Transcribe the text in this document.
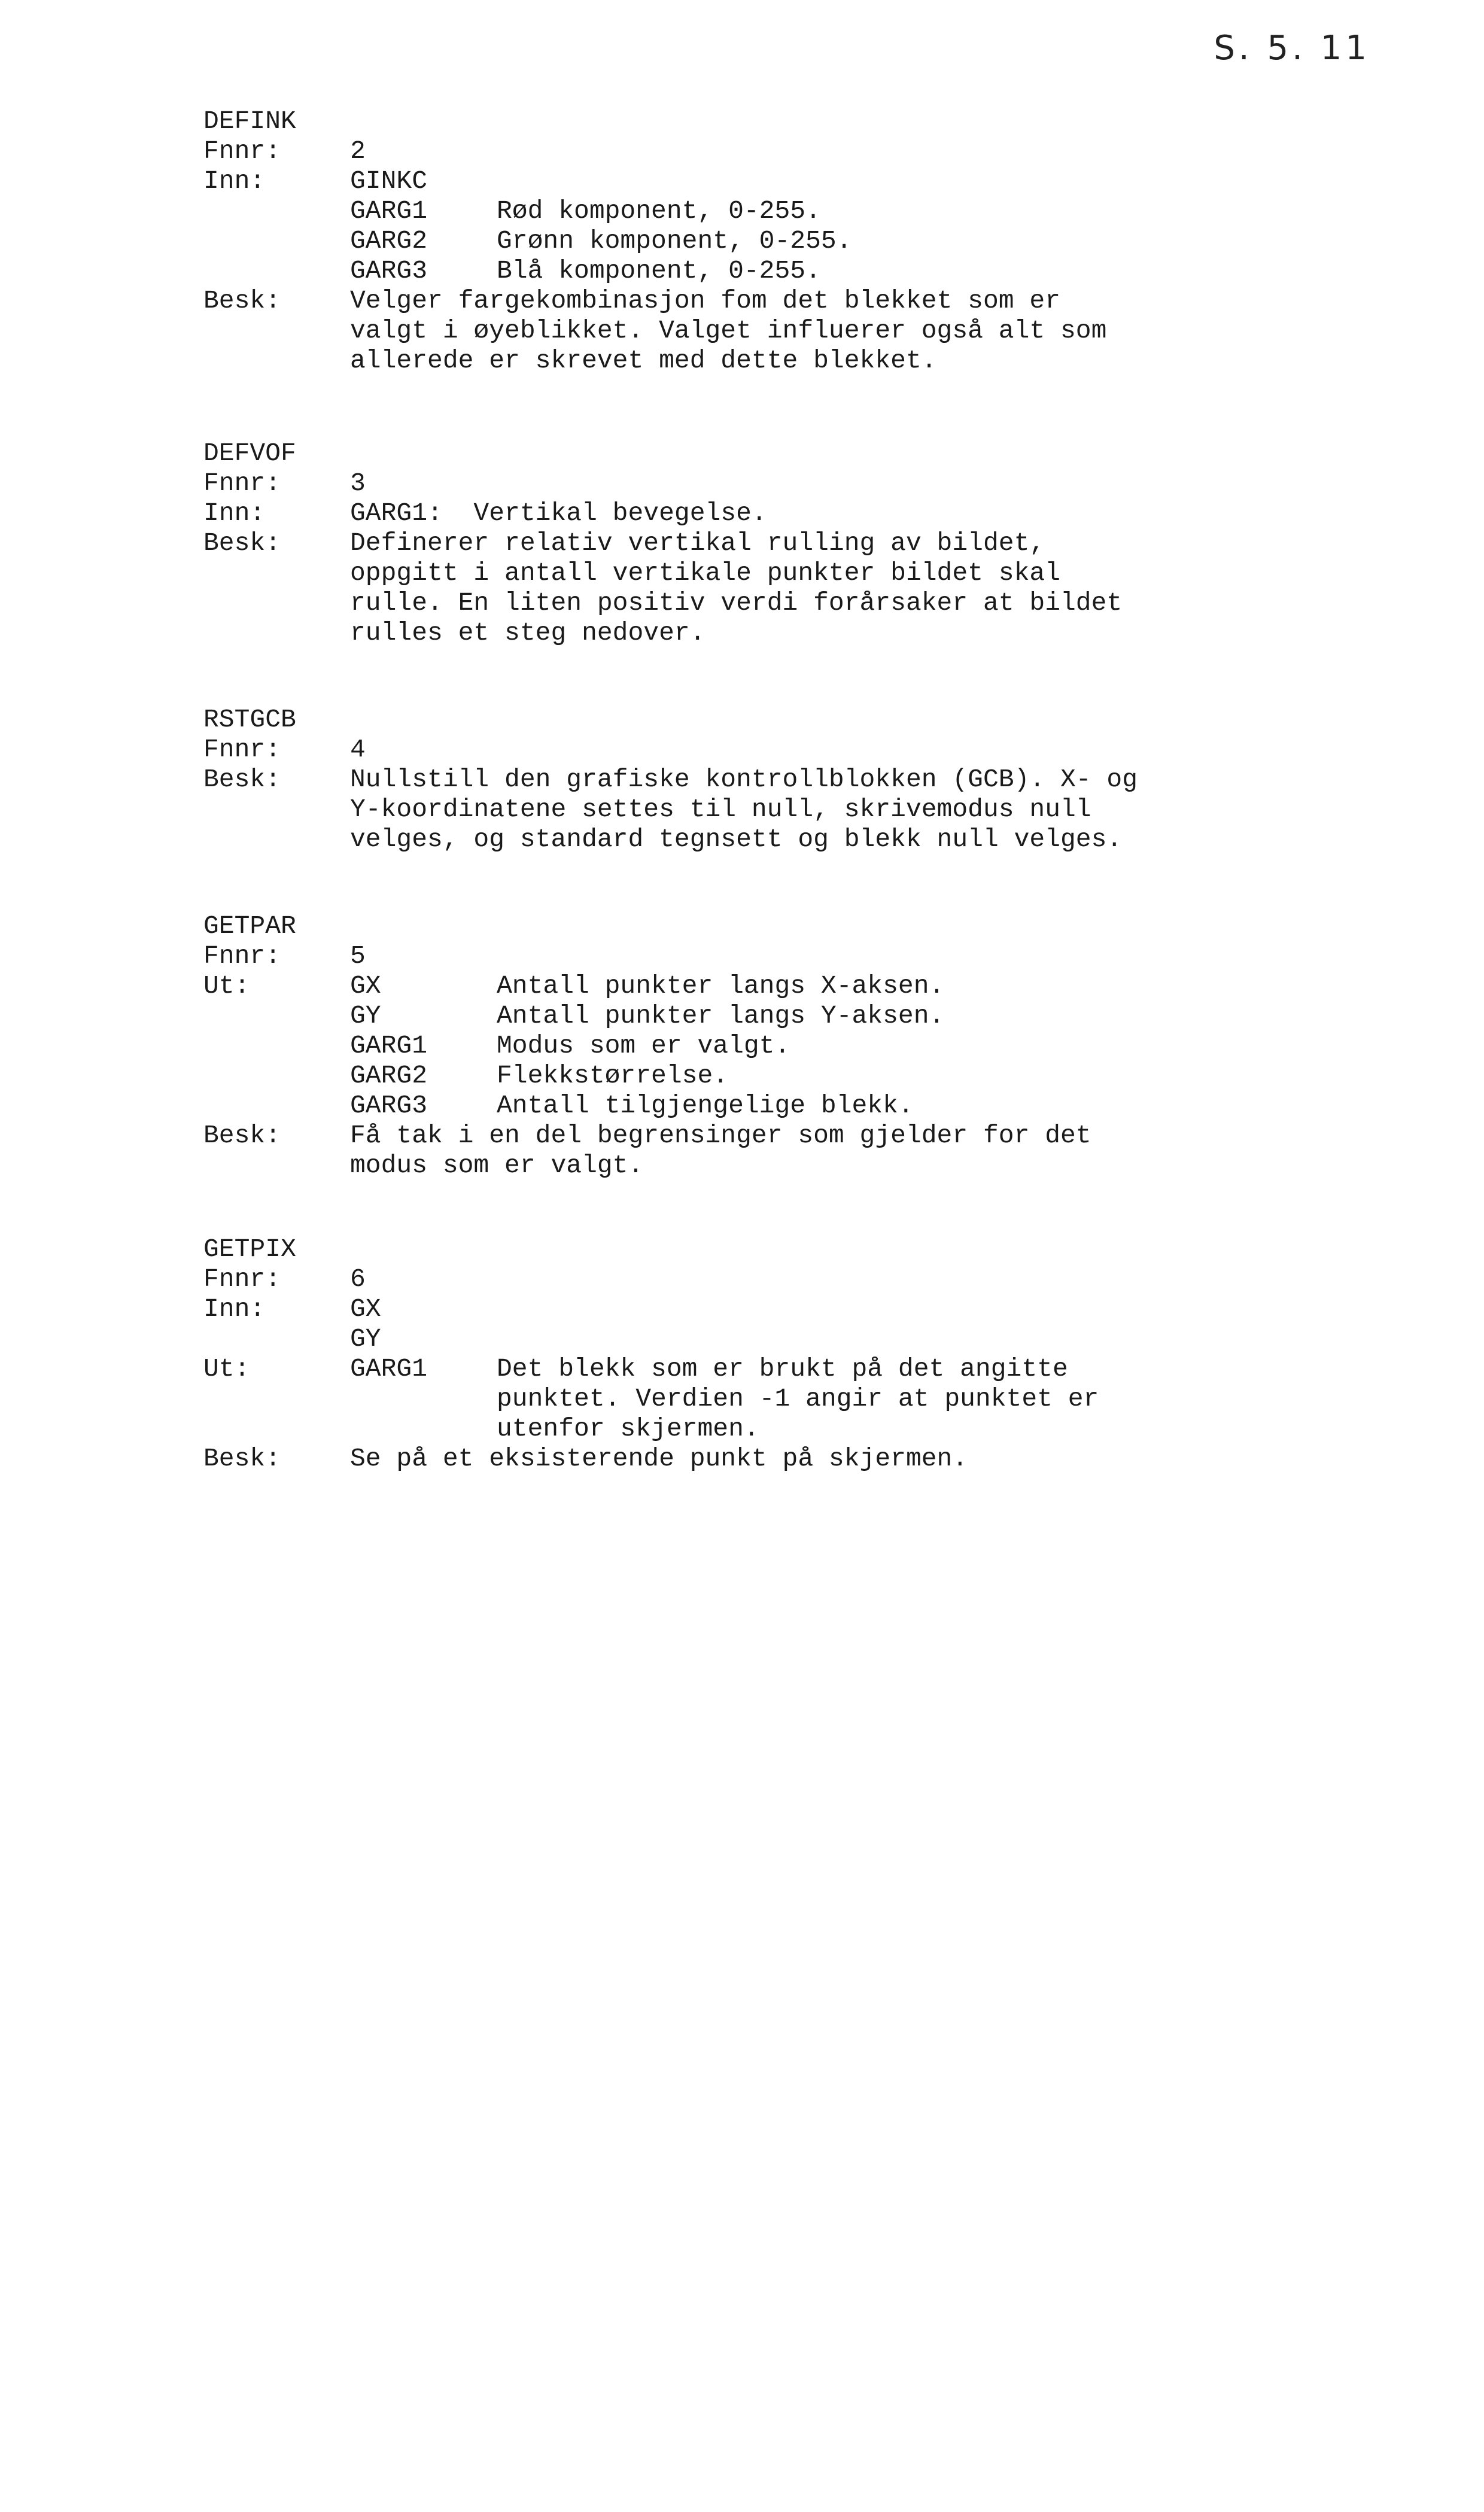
S. 5. 11
DEFINK
Fnnr:	2
Inn:	GINKC
GARG1	Rød komponent, 0-255.
GARG2	Grønn komponent, 0-255.
GARG3	Blå komponent, 0-255.
Besk:	Velger fargekombinasjon fom det blekket som er
valgt i øyeblikket. Valget influerer også alt som
allerede er skrevet med dette blekket.
DEFVOF
Fnnr:	3
Inn:	GARG1:  Vertikal bevegelse.
Besk:	Definerer relativ vertikal rulling av bildet,
oppgitt i antall vertikale punkter bildet skal
rulle. En liten positiv verdi forårsaker at bildet
rulles et steg nedover.
RSTGCB
Fnnr:	4
Besk:	Nullstill den grafiske kontrollblokken (GCB). X- og
Y-koordinatene settes til null, skrivemodus null
velges, og standard tegnsett og blekk null velges.
GETPAR
Fnnr:	5
Ut:	GX	Antall punkter langs X-aksen.
GY	Antall punkter langs Y-aksen.
GARG1	Modus som er valgt.
GARG2	Flekkstørrelse.
GARG3	Antall tilgjengelige blekk.
Besk:	Få tak i en del begrensinger som gjelder for det
modus som er valgt.
GETPIX
Fnnr:	6
Inn:	GX
GY
Ut:	GARG1	Det blekk som er brukt på det angitte
punktet. Verdien -1 angir at punktet er
utenfor skjermen.
Besk:	Se på et eksisterende punkt på skjermen.
